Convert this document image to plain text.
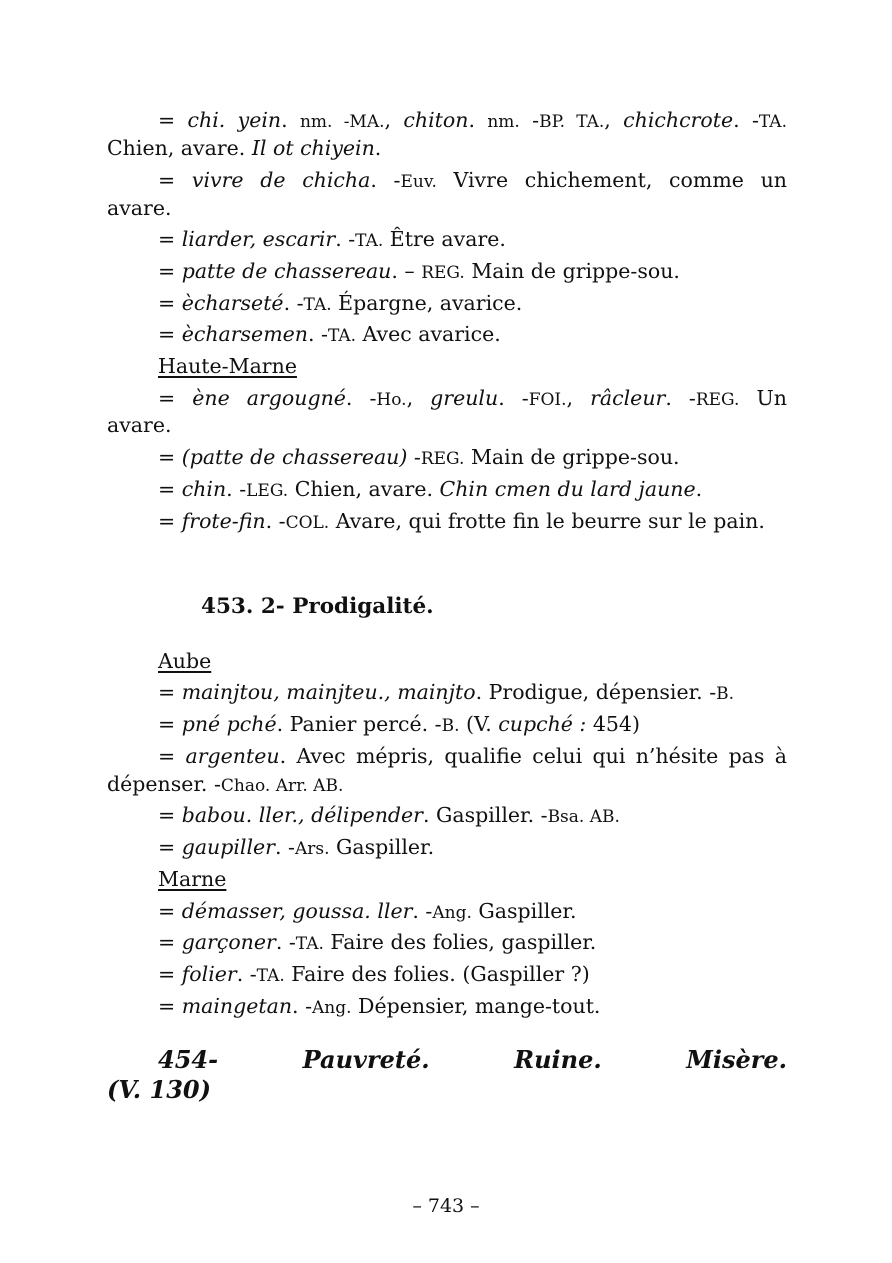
= chi. yein. nm. -MA., chiton. nm. -BP. TA., chichcrote. -TA.
Chien, avare. Il ot chiyein.
= vivre de chicha. -Euv. Vivre chichement, comme un
avare.
= liarder, escarir. -TA. Être avare.
= patte de chassereau. – REG. Main de grippe-sou.
= ècharseté. -TA. Épargne, avarice.
= ècharsemen. -TA. Avec avarice.
Haute-Marne
= ène argougné. -Ho., greulu. -FOI., râcleur. -REG. Un
avare.
= (patte de chassereau) -REG. Main de grippe-sou.
= chin. -LEG. Chien, avare. Chin cmen du lard jaune.
= frote-fin. -COL. Avare, qui frotte fin le beurre sur le pain.
453. 2- Prodigalité.
Aube
= mainjtou, mainjteu., mainjto. Prodigue, dépensier. -B.
= pné pché. Panier percé. -B. (V. cupché : 454)
= argenteu. Avec mépris, qualifie celui qui n’hésite pas à
dépenser. -Chao. Arr. AB.
= babou. ller., délipender. Gaspiller. -Bsa. AB.
= gaupiller. -Ars. Gaspiller.
Marne
= démasser, goussa. ller. -Ang. Gaspiller.
= garçoner. -TA. Faire des folies, gaspiller.
= folier. -TA. Faire des folies. (Gaspiller ?)
= maingetan. -Ang. Dépensier, mange-tout.
454-	Pauvreté.	Ruine.	Misère.
(V. 130)
– 743 –
